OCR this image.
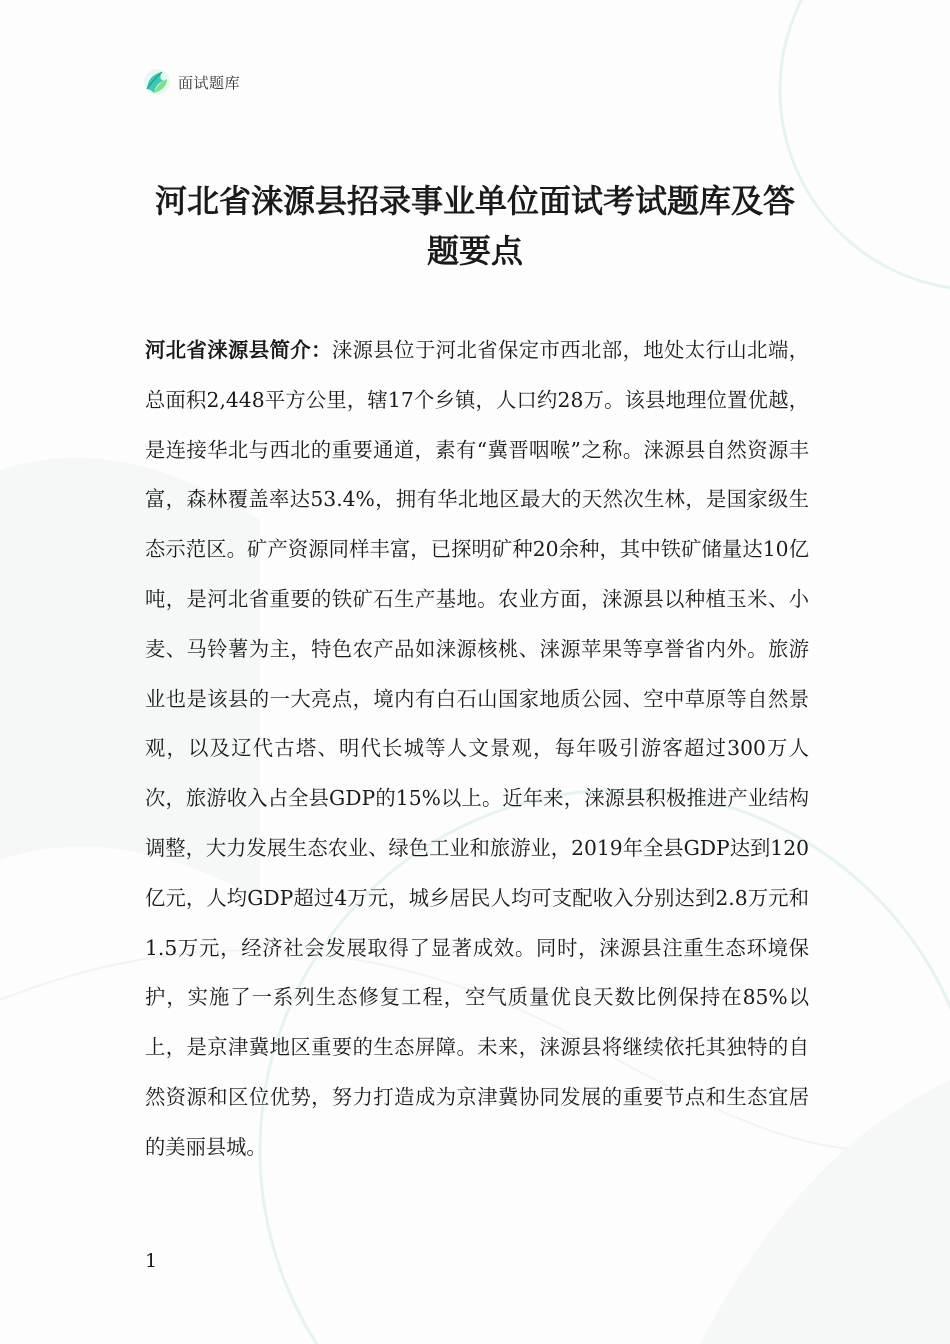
面试题库
河北省涞源县招录事业单位面试考试题库及答题要点

河北省涞源县简介：涞源县位于河北省保定市西北部，地处太行山北端，总面积2,448平方公里，辖17个乡镇，人口约28万。该县地理位置优越，是连接华北与西北的重要通道，素有“冀晋咽喉”之称。涞源县自然资源丰富，森林覆盖率达53.4%，拥有华北地区最大的天然次生林，是国家级生态示范区。矿产资源同样丰富，已探明矿种20余种，其中铁矿储量达10亿吨，是河北省重要的铁矿石生产基地。农业方面，涞源县以种植玉米、小麦、马铃薯为主，特色农产品如涞源核桃、涞源苹果等享誉省内外。旅游业也是该县的一大亮点，境内有白石山国家地质公园、空中草原等自然景观，以及辽代古塔、明代长城等人文景观，每年吸引游客超过300万人次，旅游收入占全县GDP的15%以上。近年来，涞源县积极推进产业结构调整，大力发展生态农业、绿色工业和旅游业，2019年全县GDP达到120亿元，人均GDP超过4万元，城乡居民人均可支配收入分别达到2.8万元和1.5万元，经济社会发展取得了显著成效。同时，涞源县注重生态环境保护，实施了一系列生态修复工程，空气质量优良天数比例保持在85%以上，是京津冀地区重要的生态屏障。未来，涞源县将继续依托其独特的自然资源和区位优势，努力打造成为京津冀协同发展的重要节点和生态宜居的美丽县城。

1
